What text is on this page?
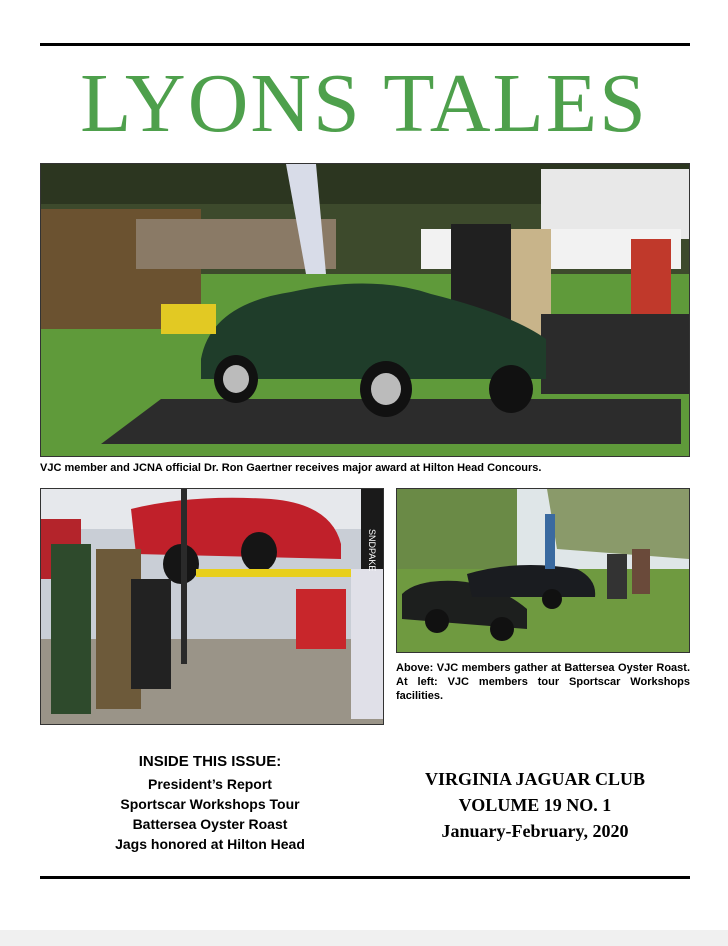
LYONS TALES

VJC member and JCNA official Dr. Ron Gaertner receives major award at Hilton Head Concours.

SNDPAKE

Above: VJC members gather at Battersea Oyster Roast. At left: VJC members tour Sportscar Workshops facilities.

INSIDE THIS ISSUE:
President’s Report
Sportscar Workshops Tour
Battersea Oyster Roast
Jags honored at Hilton Head
VIRGINIA JAGUAR CLUB
VOLUME 19 NO. 1
January-February, 2020
